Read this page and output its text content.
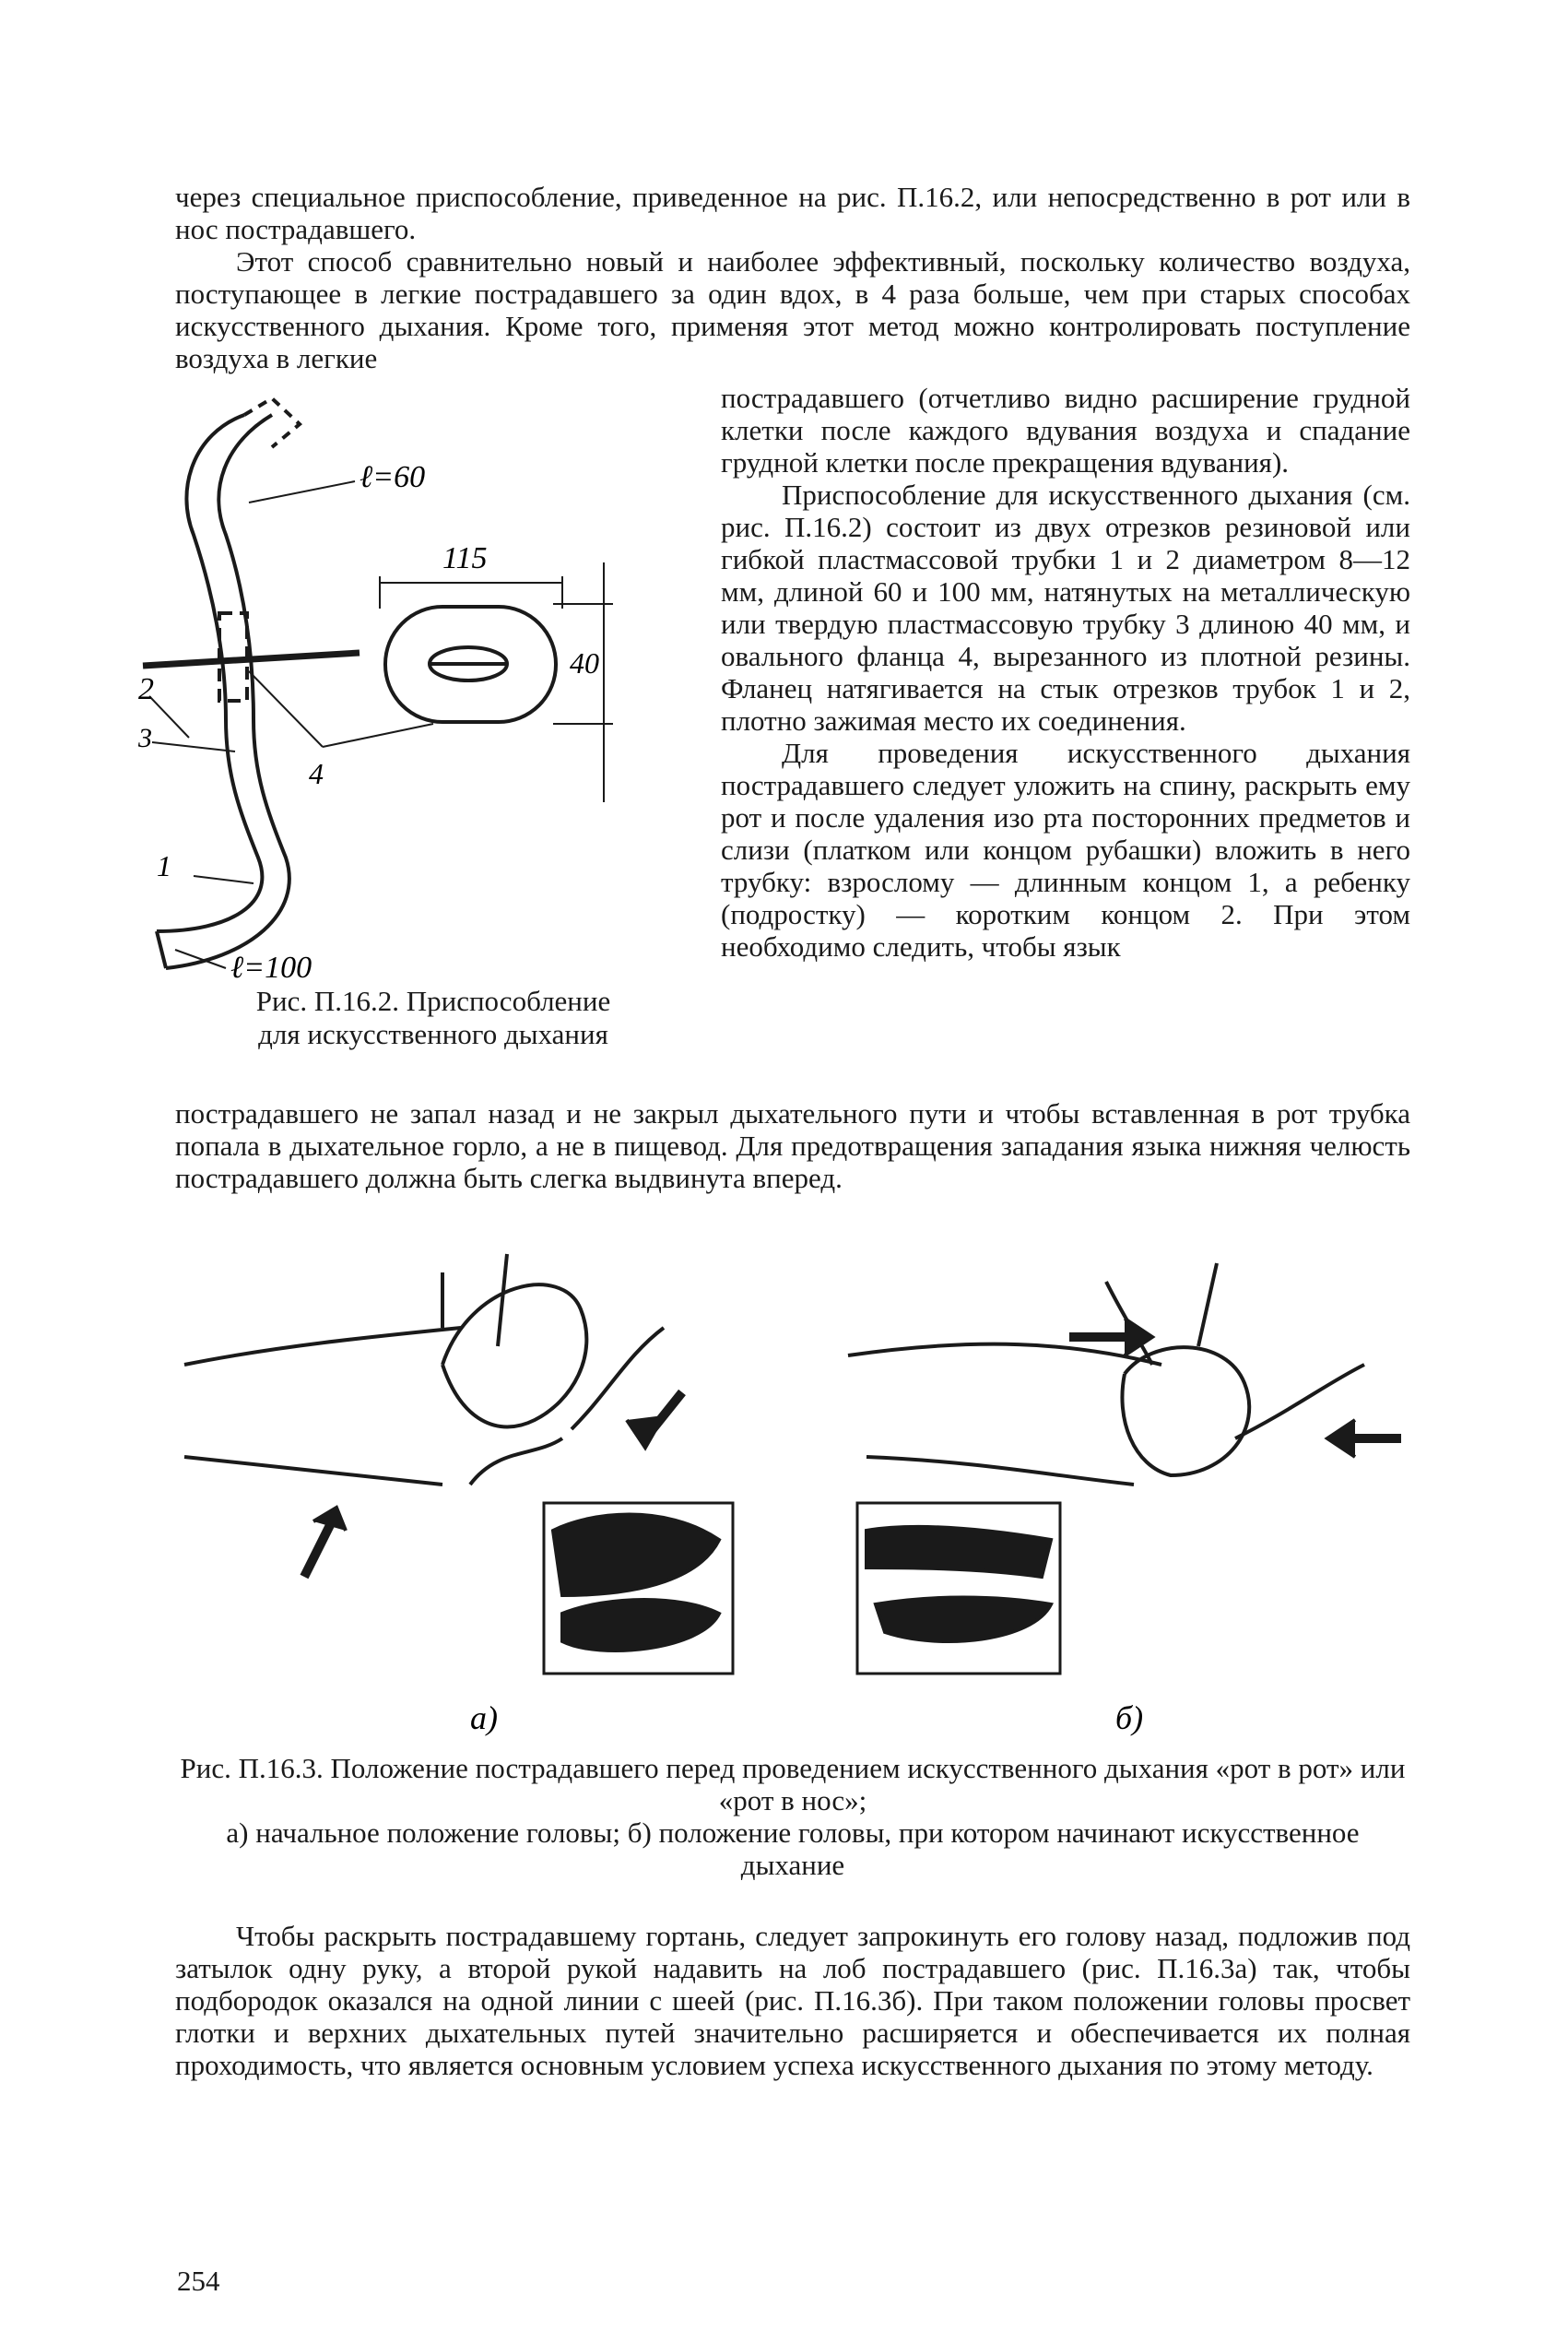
через специальное приспособление, приведенное на рис. П.16.2, или непосредственно в рот или в нос пострадавшего.

Этот способ сравнительно новый и наиболее эффективный, поскольку количество воздуха, поступающее в легкие пострадавшего за один вдох, в 4 раза больше, чем при старых способах искусственного дыхания. Кроме того, применяя этот метод можно контролировать поступление воздуха в легкие

ℓ=60
2
3
115
40
4
1
ℓ=100
Рис. П.16.2. Приспособление
для искусственного дыхания

пострадавшего (отчетливо видно расширение грудной клетки после каждого вдувания воздуха и спадание грудной клетки после прекращения вдувания).

Приспособление для искусственного дыхания (см. рис. П.16.2) состоит из двух отрезков резиновой или гибкой пластмассовой трубки 1 и 2 диаметром 8—12 мм, длиной 60 и 100 мм, натянутых на металлическую или твердую пластмассовую трубку 3 длиною 40 мм, и овального фланца 4, вырезанного из плотной резины. Фланец натягивается на стык отрезков трубок 1 и 2, плотно зажимая место их соединения.

Для проведения искусственного дыхания пострадавшего следует уложить на спину, раскрыть ему рот и после удаления изо рта посторонних предметов и слизи (платком или концом рубашки) вложить в него трубку: взрослому — длинным концом 1, а ребенку (подростку) — коротким концом 2. При этом необходимо следить, чтобы язык

пострадавшего не запал назад и не закрыл дыхательного пути и чтобы вставленная в рот трубка попала в дыхательное горло, а не в пищевод. Для предотвращения западания языка нижняя челюсть пострадавшего должна быть слегка выдвинута вперед.

а)	б)
Рис. П.16.3. Положение пострадавшего перед проведением искусственного дыхания «рот в рот» или «рот в нос»;
а) начальное положение головы; б) положение головы, при котором начинают искусственное дыхание

Чтобы раскрыть пострадавшему гортань, следует запрокинуть его голову назад, подложив под затылок одну руку, а второй рукой надавить на лоб пострадавшего (рис. П.16.3а) так, чтобы подбородок оказался на одной линии с шеей (рис. П.16.3б). При таком положении головы просвет глотки и верхних дыхательных путей значительно расширяется и обеспечивается их полная проходимость, что является основным условием успеха искусственного дыхания по этому методу.

254
